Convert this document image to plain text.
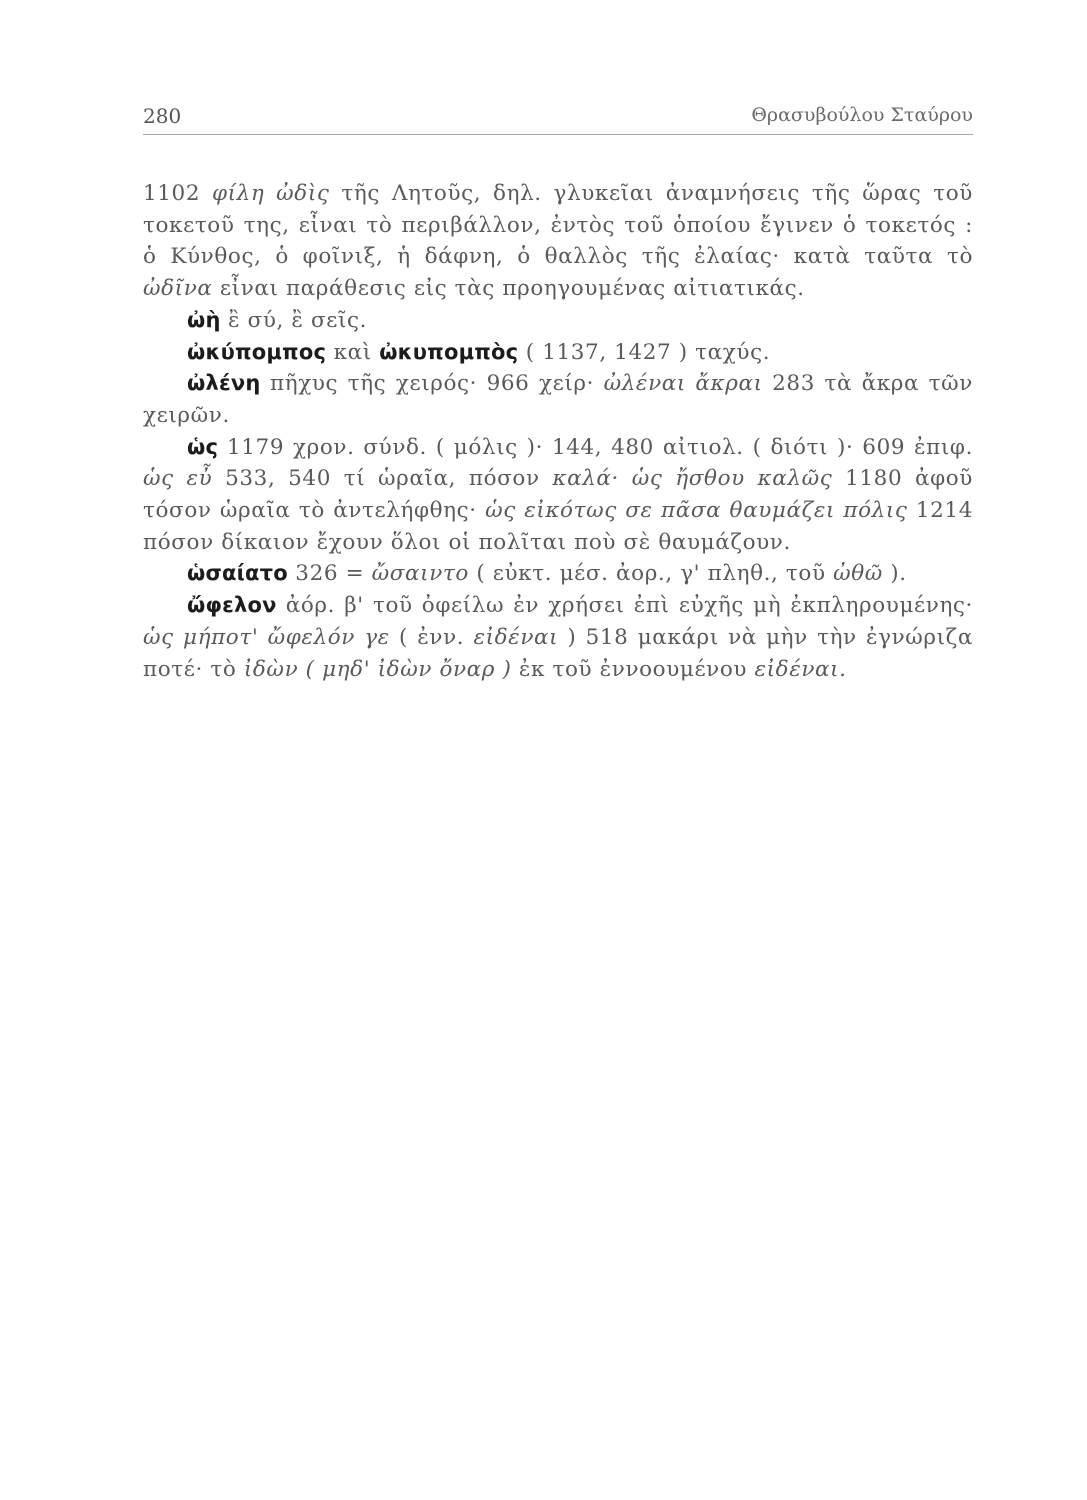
280	Θρασυβούλου Σταύρου

1102 φίλη ὠδὶς τῆς Λητοῦς, δηλ. γλυκεῖαι ἀναμνήσεις τῆς ὥρας τοῦ τοκετοῦ της, εἶναι τὸ περιβάλλον, ἐντὸς τοῦ ὁποίου ἔγινεν ὁ τοκετός : ὁ Κύνθος, ὁ φοῖνιξ, ἡ δάφνη, ὁ θαλλὸς τῆς ἐλαίας· κατὰ ταῦτα τὸ ὠδῖνα εἶναι παράθεσις εἰς τὰς προηγουμένας αἰτιατικάς.

ὠὴ ἒ σύ, ἒ σεῖς.

ὠκύπομπος καὶ ὠκυπομπὸς ( 1137, 1427 ) ταχύς.

ὠλένη πῆχυς τῆς χειρός· 966 χείρ· ὠλέναι ἄκραι 283 τὰ ἄκρα τῶν χειρῶν.

ὡς 1179 χρον. σύνδ. ( μόλις )· 144, 480 αἰτιολ. ( διότι )· 609 ἐπιφ. ὡς εὖ 533, 540 τί ὡραῖα, πόσον καλά· ὡς ἤσθου καλῶς 1180 ἀφοῦ τόσον ὡραῖα τὸ ἀντελήφθης· ὡς εἰκότως σε πᾶσα θαυμάζει πόλις 1214 πόσον δίκαιον ἔχουν ὅλοι οἱ πολῖται ποὺ σὲ θαυμάζουν.

ὡσαίατο 326 = ὤσαιντο ( εὐκτ. μέσ. ἀορ., γ' πληθ., τοῦ ὠθῶ ).

ὤφελον ἀόρ. β' τοῦ ὀφείλω ἐν χρήσει ἐπὶ εὐχῆς μὴ ἐκπληρουμένης· ὡς μήποτ' ὤφελόν γε ( ἐνν. εἰδέναι ) 518 μακάρι νὰ μὴν τὴν ἐγνώριζα ποτέ· τὸ ἰδὼν ( μηδ' ἰδὼν ὄναρ ) ἐκ τοῦ ἐννοουμένου εἰδέναι.
